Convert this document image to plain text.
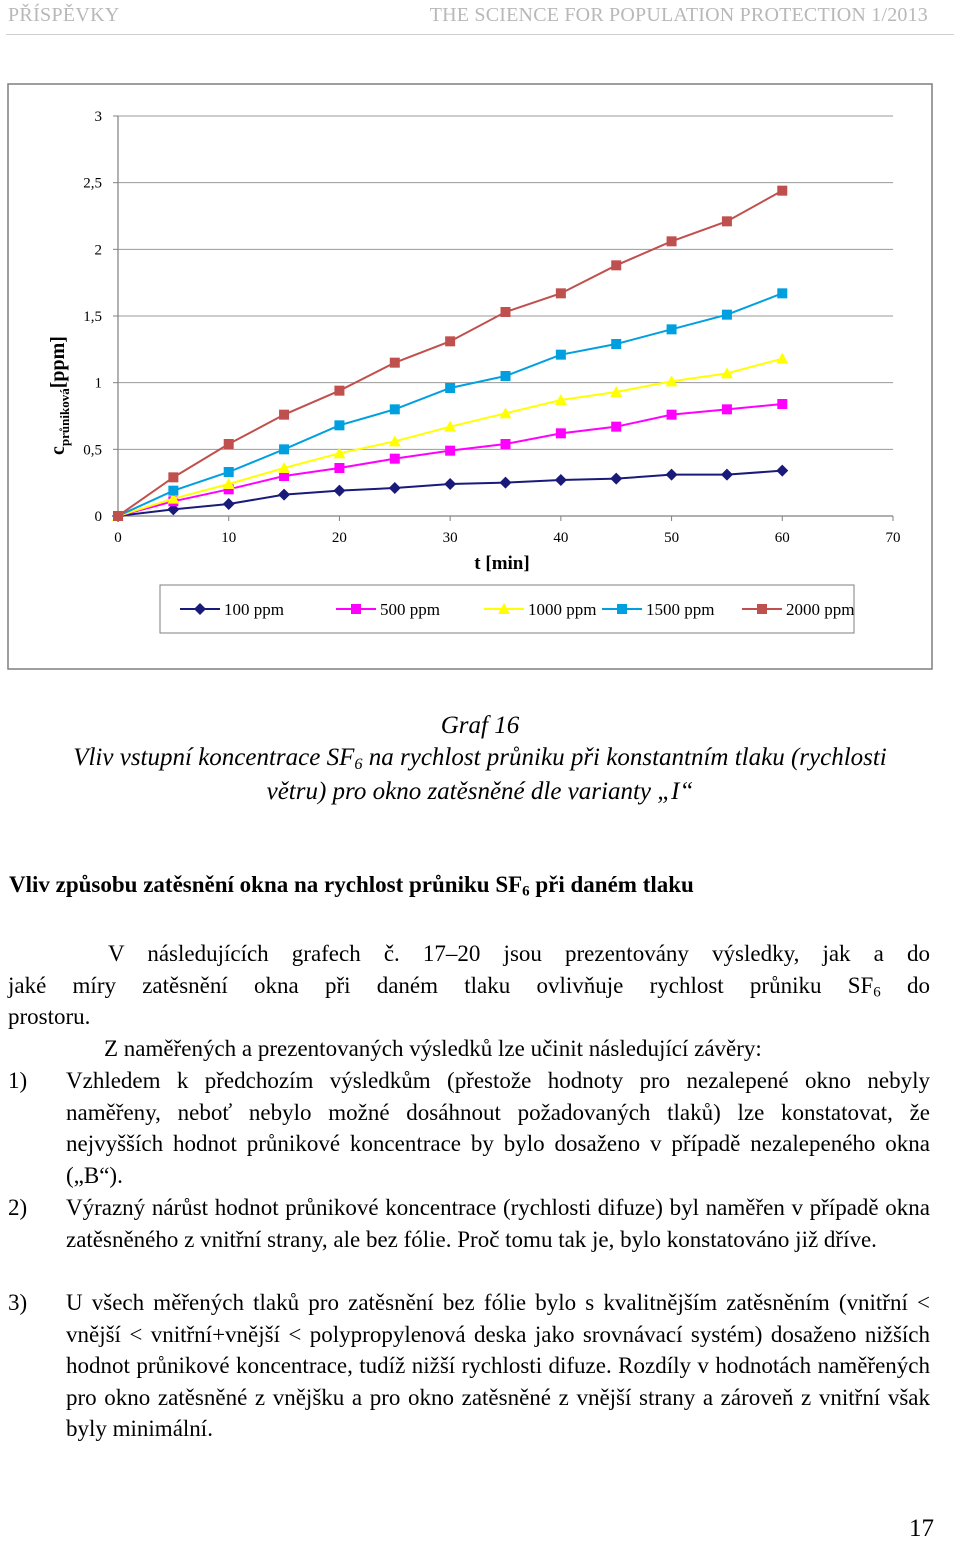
PŘÍSPĚVKY	THE SCIENCE FOR POPULATION PROTECTION 1/2013
0
0,5
1
1,5
2
2,5
3
0	10	20	30	40	50	60	70
$c_{průniková}[ppm]$
t [min]
100 ppm	500 ppm	1000 ppm	1500 ppm	2000 ppm
Graf 16
Vliv vstupní koncentrace $SF_6$ na rychlost průniku při konstantním tlaku (rychlosti
větru) pro okno zatěsněné dle varianty „I“
Vliv způsobu zatěsnění okna na rychlost průniku $SF_6$ při daném tlaku
V následujících grafech č. 17‒20 jsou prezentovány výsledky, jak a do
jaké míry zatěsnění okna při daném tlaku ovlivňuje rychlost průniku $SF_6$ do
prostoru.
Z naměřených a prezentovaných výsledků lze učinit následující závěry:
1) Vzhledem k předchozím výsledkům (přestože hodnoty pro nezalepené okno nebyly naměřeny, neboť nebylo možné dosáhnout požadovaných tlaků) lze konstatovat, že nejvyšších hodnot průnikové koncentrace by bylo dosaženo v případě nezalepeného okna („B“).
2) Výrazný nárůst hodnot průnikové koncentrace (rychlosti difuze) byl naměřen v případě okna zatěsněného z vnitřní strany, ale bez fólie. Proč tomu tak je, bylo konstatováno již dříve.
3) U všech měřených tlaků pro zatěsnění bez fólie bylo s kvalitnějším zatěsněním (vnitřní < vnější < vnitřní+vnější < polypropylenová deska jako srovnávací systém) dosaženo nižších hodnot průnikové koncentrace, tudíž nižší rychlosti difuze. Rozdíly v hodnotách naměřených pro okno zatěsněné z vnějšku a pro okno zatěsněné z vnější strany a zároveň z vnitřní však byly minimální.
17
